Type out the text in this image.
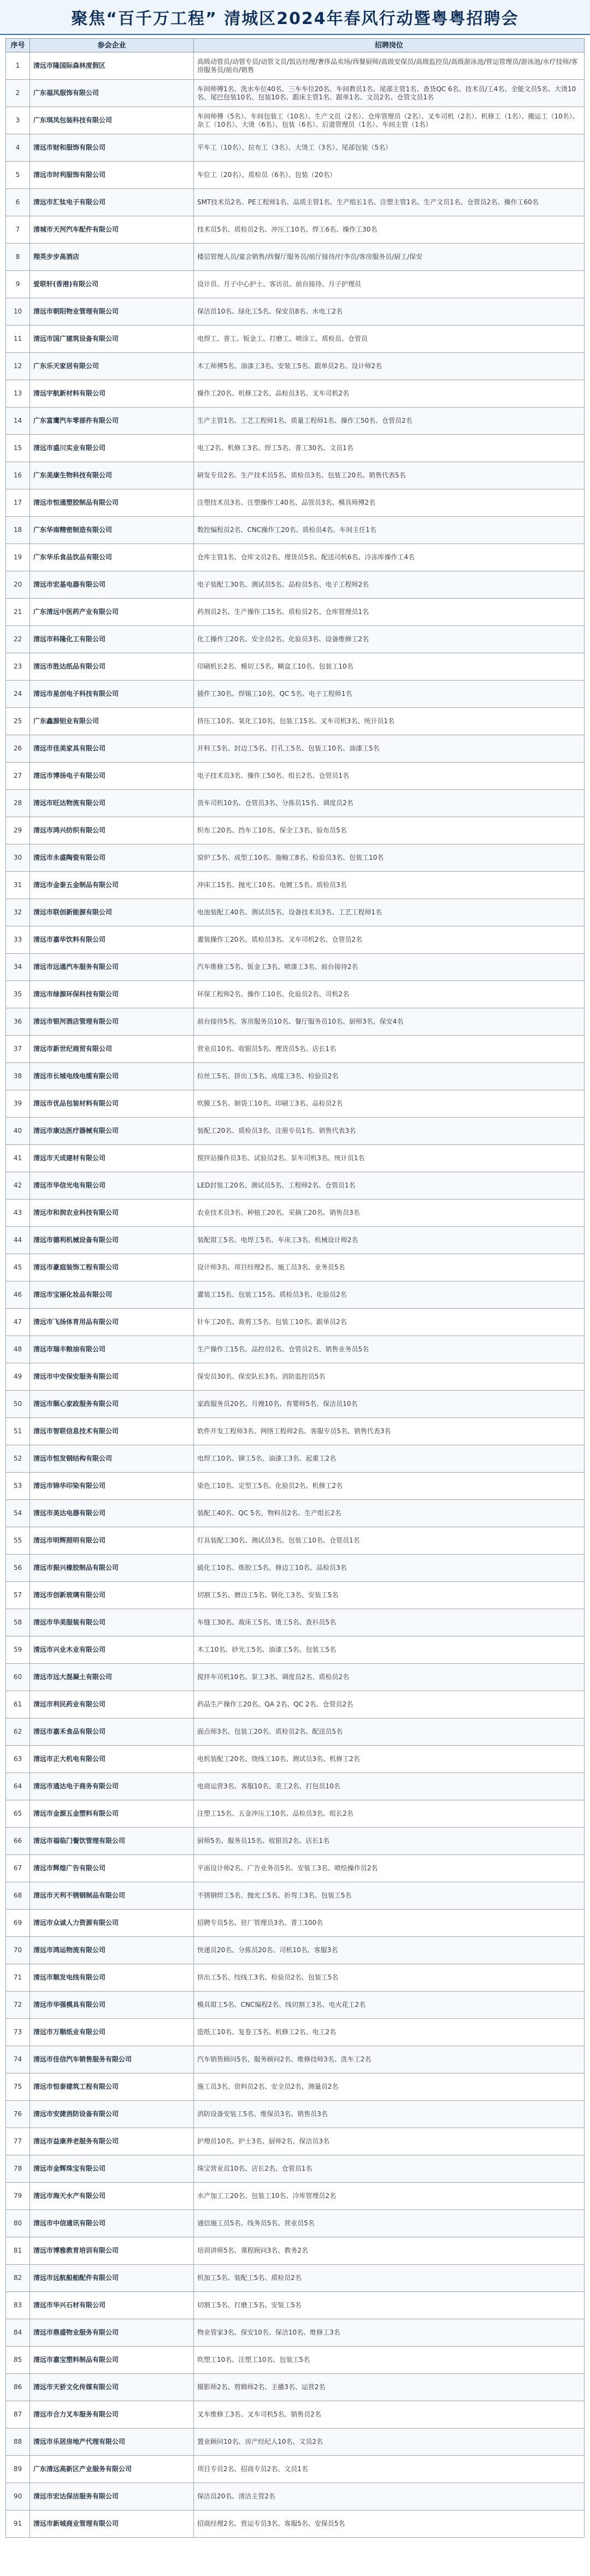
聚焦“百千万工程” 清城区2024年春风行动暨粤粤招聘会
序号	参会企业	招聘岗位
1	清远市隆国际森林度假区	高级动管员/动管专员/动管文员/饭店经理/奢侈品卖场/西餐厨师/高级安保员/高级监控员/高级游泳池/营运管理员/游泳池/水疗技师/客房服务员/前台/销售
2	广东福凤服饰有限公司	车间师傅1名、洗水车位40名、三车车位20名、车间教员1名、尾部主管1名、查货QC 6名、技术员/工4名、全能文员5名、大烫10名、尾巴包装10名、包装10名、跟床主管1名、跟单1名、文员2名、仓管文员1名
3	广东琪凤包装科技有限公司	车间师傅（5名）、车间包装工（10名）、生产文员（2名）、仓库管理员（2名）、叉车司机（2名）、机修工（1名）、搬运工（10名）、杂工（10名）、大烫（6名）、包装（6名）、后道管理员（1名）、车间主管（1名）
4	清远市财和服饰有限公司	平车工（10名）、拉布工（3名）、大烫工（3名）、尾部包装（5名）
5	清远市时利服饰有限公司	车位工（20名）、质检员（6名）、包装（20名）
6	清远市汇钛电子有限公司	SMT技术员2名、PE工程师1名、品质主管1名、生产组长1名、注塑主管1名、生产文员1名、仓管员2名、操作工60名
7	清城市天河汽车配件有限公司	技术员5名、质检员2名、冲压工10名、焊工6名、操作工30名
8	翔英步步高酒店	楼层管理人员/宴会销售/西餐厅服务员/前厅接待/行李员/客房服务员/厨工/保安
9	爱联轩(香港)有限公司	设计员、月子中心护士、客访员、前台接待、月子护理员
10	清远市朝阳物业管理有限公司	保洁员10名、绿化工5名、保安员8名、水电工2名
11	清远市国广建筑设备有限公司	电焊工、普工、钣金工、打磨工、喷涂工、质检员、仓管员
12	广东乐天家居有限公司	木工师傅5名、油漆工3名、安装工5名、跟单员2名、设计师2名
13	清远宇航新材料有限公司	操作工20名、机修工2名、品检员3名、叉车司机2名
14	广东富鹰汽车零部件有限公司	生产主管1名、工艺工程师1名、质量工程师1名、操作工50名、仓管员2名
15	清远市盛川实业有限公司	电工2名、机修工3名、焊工5名、普工30名、文员1名
16	广东美康生物科技有限公司	研发专员2名、生产技术员5名、质检员3名、包装工20名、销售代表5名
17	清远市恒通塑胶制品有限公司	注塑技术员3名、注塑操作工40名、品管员3名、模具师傅2名
18	广东华南精密制造有限公司	数控编程员2名、CNC操作工20名、质检员4名、车间主任1名
19	广东华乐食品饮品有限公司	仓库主管1名、仓库文员2名、理货员5名、配送司机6名、冷冻库操作工4名
20	清远市宏基电器有限公司	电子装配工30名、测试员5名、品检员5名、电子工程师2名
21	广东清远中医药产业有限公司	药剂员2名、生产操作工15名、质检员2名、仓库管理员1名
22	清远市科隆化工有限公司	化工操作工20名、安全员2名、化验员3名、设备维修工2名
23	清远市胜达纸品有限公司	印刷机长2名、模切工5名、糊盒工10名、包装工10名
24	清远市星创电子科技有限公司	插件工30名、焊锡工10名、QC 5名、电子工程师1名
25	广东鑫源铝业有限公司	挤压工10名、氧化工10名、包装工15名、叉车司机3名、统计员1名
26	清远市佳美家具有限公司	开料工5名、封边工5名、打孔工5名、包装工10名、油漆工5名
27	清远市博扬电子有限公司	电子技术员3名、操作工50名、组长2名、仓管员1名
28	清远市旺达物流有限公司	货车司机10名、仓管员3名、分拣员15名、调度员2名
29	清远市鸿兴纺织有限公司	织布工20名、挡车工10名、保全工3名、验布员5名
30	清远市永盛陶瓷有限公司	窑炉工5名、成型工10名、施釉工8名、检验员3名、包装工10名
31	清远市金泰五金制品有限公司	冲床工15名、抛光工10名、电镀工5名、质检员3名
32	清远市联创新能源有限公司	电池装配工40名、测试员5名、设备技术员3名、工艺工程师1名
33	清远市嘉华饮料有限公司	灌装操作工20名、质检员3名、叉车司机2名、仓管员2名
34	清远市远通汽车服务有限公司	汽车维修工5名、钣金工3名、喷漆工3名、前台接待2名
35	清远市绿源环保科技有限公司	环保工程师2名、操作工10名、化验员2名、司机2名
36	清远市银河酒店管理有限公司	前台接待5名、客房服务员10名、餐厅服务员10名、厨师3名、保安4名
37	清远市新世纪商贸有限公司	营业员10名、收银员5名、理货员5名、店长1名
38	清远市长城电线电缆有限公司	拉丝工5名、挤出工5名、成缆工3名、检验员2名
39	清远市优品包装材料有限公司	吹膜工5名、制袋工10名、印刷工3名、品检员2名
40	清远市康达医疗器械有限公司	装配工20名、质检员3名、注册专员1名、销售代表3名
41	清远市天成建材有限公司	搅拌站操作员3名、试验员2名、泵车司机3名、统计员1名
42	清远市华信光电有限公司	LED封装工20名、测试员5名、工程师2名、仓管员1名
43	清远市和润农业科技有限公司	农业技术员3名、种植工20名、采摘工20名、销售员3名
44	清远市德利机械设备有限公司	装配钳工5名、电焊工5名、车床工3名、机械设计师2名
45	清远市豪庭装饰工程有限公司	设计师3名、项目经理2名、施工员3名、业务员5名
46	清远市宝丽化妆品有限公司	灌装工15名、包装工15名、质检员3名、化验员2名
47	清远市飞扬体育用品有限公司	针车工20名、裁剪工5名、包装工10名、跟单员2名
48	清远市瑞丰粮油有限公司	生产操作工15名、品控员2名、仓管员2名、销售业务员5名
49	清远市中安保安服务有限公司	保安员30名、保安队长3名、消防监控员5名
50	清远市顺心家政服务有限公司	家政服务员20名、月嫂10名、育婴师5名、保洁员10名
51	清远市智联信息技术有限公司	软件开发工程师3名、网络工程师2名、客服专员5名、销售代表3名
52	清远市恒发钢结构有限公司	电焊工10名、铆工5名、油漆工3名、起重工2名
53	清远市锦华印染有限公司	染色工10名、定型工5名、化验员2名、机修工2名
54	清远市美达电器有限公司	装配工40名、QC 5名、物料员2名、生产组长2名
55	清远市明辉照明有限公司	灯具装配工30名、测试员3名、包装工10名、仓管员1名
56	清远市振兴橡胶制品有限公司	硫化工10名、炼胶工5名、修边工10名、品检员3名
57	清远市创新玻璃有限公司	切割工5名、磨边工5名、钢化工3名、安装工5名
58	清远市华美服装有限公司	车缝工30名、裁床工5名、烫工5名、查衫员5名
59	清远市兴业木业有限公司	木工10名、砂光工5名、油漆工5名、包装工5名
60	清远市远大混凝土有限公司	搅拌车司机10名、泵工3名、调度员2名、质检员2名
61	清远市利民药业有限公司	药品生产操作工20名、QA 2名、QC 2名、仓管员2名
62	清远市嘉禾食品有限公司	面点师3名、包装工20名、质检员2名、配送员5名
63	清远市正大机电有限公司	电机装配工20名、绕线工10名、测试员3名、机修工2名
64	清远市通达电子商务有限公司	电商运营3名、客服10名、美工2名、打包员10名
65	清远市金源五金塑料有限公司	注塑工15名、五金冲压工10名、品检员3名、组长2名
66	清远市福临门餐饮管理有限公司	厨师5名、服务员15名、收银员2名、店长1名
67	清远市辉煌广告有限公司	平面设计师2名、广告业务员5名、安装工3名、喷绘操作员2名
68	清远市天利不锈钢制品有限公司	不锈钢焊工5名、抛光工5名、折弯工3名、包装工5名
69	清远市众诚人力资源有限公司	招聘专员5名、驻厂管理员3名、普工100名
70	清远市鸿运物流有限公司	快递员20名、分拣员20名、司机10名、客服3名
71	清远市顺发电线有限公司	挤出工5名、绞线工3名、检验员2名、包装工5名
72	清远市华强模具有限公司	模具钳工5名、CNC编程2名、线切割工3名、电火花工2名
73	清远市万顺纸业有限公司	造纸工10名、复卷工5名、机修工2名、电工2名
74	清远市佳信汽车销售服务有限公司	汽车销售顾问5名、服务顾问2名、维修技师3名、洗车工2名
75	清远市恒泰建筑工程有限公司	施工员3名、资料员2名、安全员2名、测量员2名
76	清远市安捷消防设备有限公司	消防设备安装工5名、维保员3名、销售员3名
77	清远市益康养老服务有限公司	护理员10名、护士3名、厨师2名、保洁员3名
78	清远市金辉珠宝有限公司	珠宝营业员10名、店长2名、仓管员1名
79	清远市海天水产有限公司	水产加工工20名、包装工10名、冷库管理员2名
80	清远市中信通讯有限公司	通信施工员5名、线务员5名、营业员5名
81	清远市博雅教育培训有限公司	培训讲师5名、课程顾问3名、教务2名
82	清远市远航船舶配件有限公司	机加工5名、装配工5名、质检员2名
83	清远市华兴石材有限公司	切割工5名、打磨工5名、安装工5名
84	清远市鼎盛物业服务有限公司	物业管家3名、保安10名、保洁10名、维修工3名
85	清远市嘉宝塑料制品有限公司	吹塑工10名、注塑工10名、包装工5名
86	清远市天骄文化传媒有限公司	摄影师2名、剪辑师2名、主播3名、运营2名
87	清远市合力叉车服务有限公司	叉车维修工3名、叉车司机5名、销售员2名
88	清远市乐居房地产代理有限公司	置业顾问10名、房产经纪人10名、文员2名
89	广东清远高新区产业服务有限公司	项目专员2名、招商专员2名、文员1名
90	清远市宏达保洁服务有限公司	保洁员20名、清洁主管2名
91	清远市新城商业管理有限公司	招商经理2名、营运专员3名、客服5名、安保员5名
